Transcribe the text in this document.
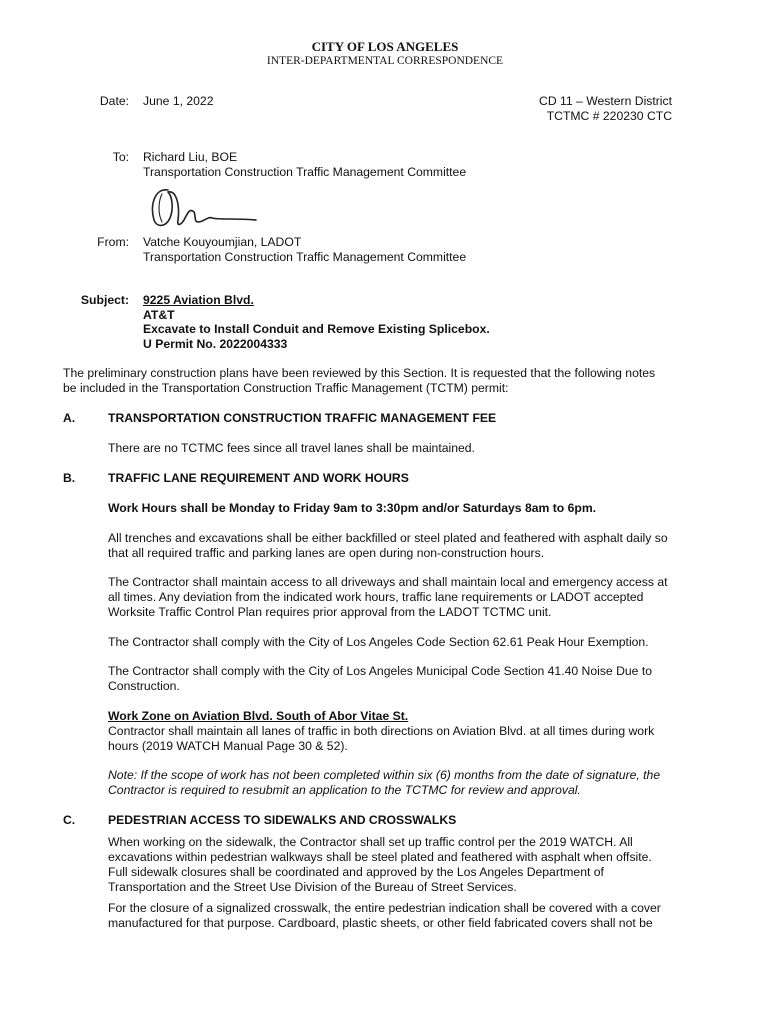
CITY OF LOS ANGELES
INTER-DEPARTMENTAL CORRESPONDENCE
Date: June 1, 2022	CD 11 – Western District
TCTMC # 220230 CTC
To: Richard Liu, BOE
Transportation Construction Traffic Management Committee
From: Vatche Kouyoumjian, LADOT
Transportation Construction Traffic Management Committee
Subject: 9225 Aviation Blvd.
AT&T
Excavate to Install Conduit and Remove Existing Splicebox.
U Permit No. 2022004333
The preliminary construction plans have been reviewed by this Section. It is requested that the following notes
be included in the Transportation Construction Traffic Management (TCTM) permit:
A.	TRANSPORTATION CONSTRUCTION TRAFFIC MANAGEMENT FEE
There are no TCTMC fees since all travel lanes shall be maintained.
B.	TRAFFIC LANE REQUIREMENT AND WORK HOURS
Work Hours shall be Monday to Friday 9am to 3:30pm and/or Saturdays 8am to 6pm.
All trenches and excavations shall be either backfilled or steel plated and feathered with asphalt daily so
that all required traffic and parking lanes are open during non-construction hours.
The Contractor shall maintain access to all driveways and shall maintain local and emergency access at
all times. Any deviation from the indicated work hours, traffic lane requirements or LADOT accepted
Worksite Traffic Control Plan requires prior approval from the LADOT TCTMC unit.
The Contractor shall comply with the City of Los Angeles Code Section 62.61 Peak Hour Exemption.
The Contractor shall comply with the City of Los Angeles Municipal Code Section 41.40 Noise Due to
Construction.
Work Zone on Aviation Blvd. South of Abor Vitae St.
Contractor shall maintain all lanes of traffic in both directions on Aviation Blvd. at all times during work
hours (2019 WATCH Manual Page 30 & 52).
Note: If the scope of work has not been completed within six (6) months from the date of signature, the
Contractor is required to resubmit an application to the TCTMC for review and approval.
C.	PEDESTRIAN ACCESS TO SIDEWALKS AND CROSSWALKS
When working on the sidewalk, the Contractor shall set up traffic control per the 2019 WATCH. All
excavations within pedestrian walkways shall be steel plated and feathered with asphalt when offsite.
Full sidewalk closures shall be coordinated and approved by the Los Angeles Department of
Transportation and the Street Use Division of the Bureau of Street Services.
For the closure of a signalized crosswalk, the entire pedestrian indication shall be covered with a cover
manufactured for that purpose. Cardboard, plastic sheets, or other field fabricated covers shall not be
